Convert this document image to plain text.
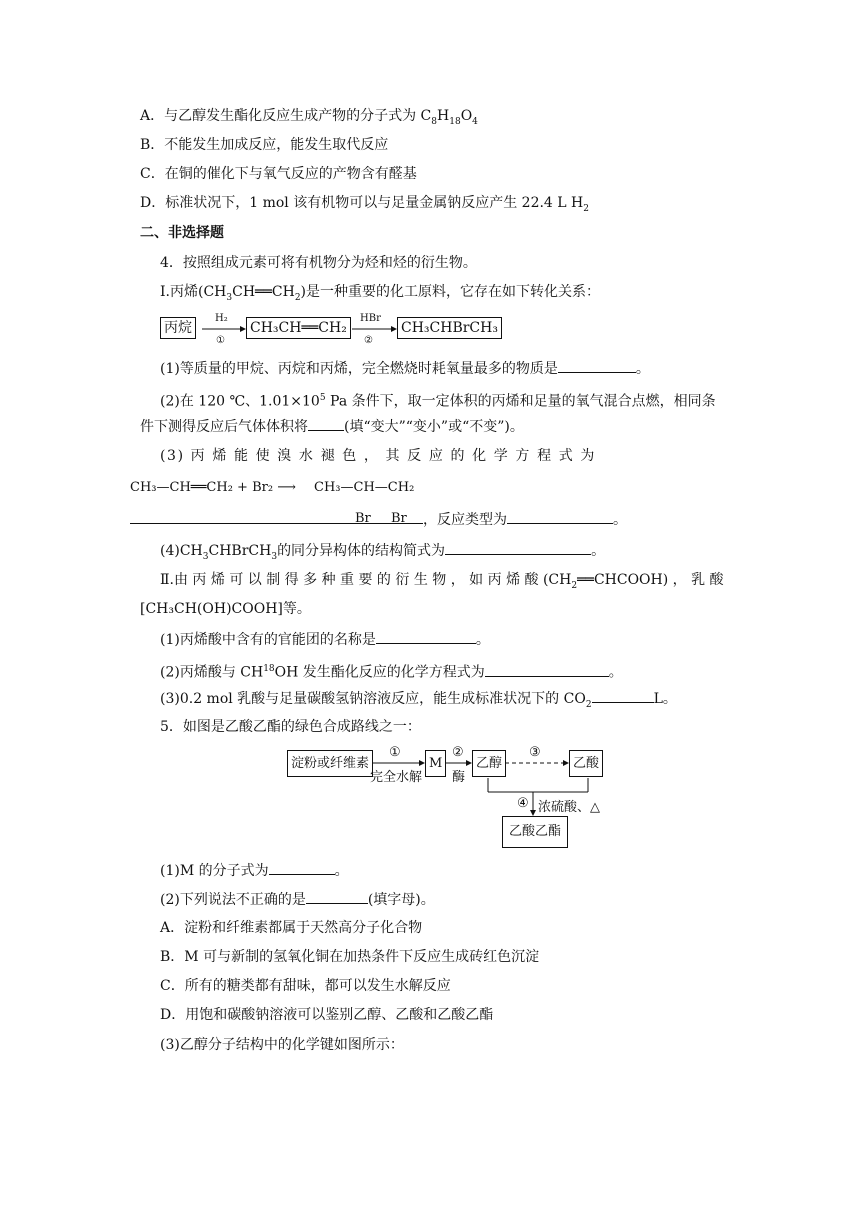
A．与乙醇发生酯化反应生成产物的分子式为 $C_8H_{18}O_4$
B．不能发生加成反应，能发生取代反应
C．在铜的催化下与氧气反应的产物含有醛基
D．标准状况下，1 mol 该有机物可以与足量金属钠反应产生 22.4 L $H_2$
二、非选择题
4．按照组成元素可将有机物分为烃和烃的衍生物。
Ⅰ.丙烯$(CH_3CH══CH_2)$是一种重要的化工原料，它存在如下转化关系：
丙烷
H₂
①
CH₃CH══CH₂
HBr
②
CH₃CHBrCH₃
(1)等质量的甲烷、丙烷和丙烯，完全燃烧时耗氧量最多的物质是	。
(2)在 120 ℃、$1.01\times 10^5$ Pa 条件下，取一定体积的丙烯和足量的氧气混合点燃，相同条
件下测得反应后气体体积将	(填“变大”“变小”或“不变”)。
(3) 丙 烯 能 使 溴 水 褪 色 ， 其 反 应 的 化 学 方 程 式 为
CH₃—CH══CH₂ + Br₂ ⟶ CH₃—CH—CH₂
Br Br	，反应类型为	。
$(4)CH_3CHBrCH_3$的同分异构体的结构简式为	。
Ⅱ.由 丙 烯 可 以 制 得 多 种 重 要 的 衍 生 物 ， 如 丙 烯 酸 $(CH_2══CHCOOH)$ ， 乳 酸
[CH₃CH(OH)COOH]等。
(1)丙烯酸中含有的官能团的名称是	。
(2)丙烯酸与 CH$^{18}$OH 发生酯化反应的化学方程式为	。
(3)0.2 mol 乳酸与足量碳酸氢钠溶液反应，能生成标准状况下的 $CO_2$	L。
5．如图是乙酸乙酯的绿色合成路线之一：
淀粉或纤维素
①
完全水解
M
②
酶
乙醇
③
乙酸
④ 浓硫酸、△
乙酸乙酯
(1)M 的分子式为	。
(2)下列说法不正确的是	(填字母)。
A．淀粉和纤维素都属于天然高分子化合物
B．M 可与新制的氢氧化铜在加热条件下反应生成砖红色沉淀
C．所有的糖类都有甜味，都可以发生水解反应
D．用饱和碳酸钠溶液可以鉴别乙醇、乙酸和乙酸乙酯
(3)乙醇分子结构中的化学键如图所示：
